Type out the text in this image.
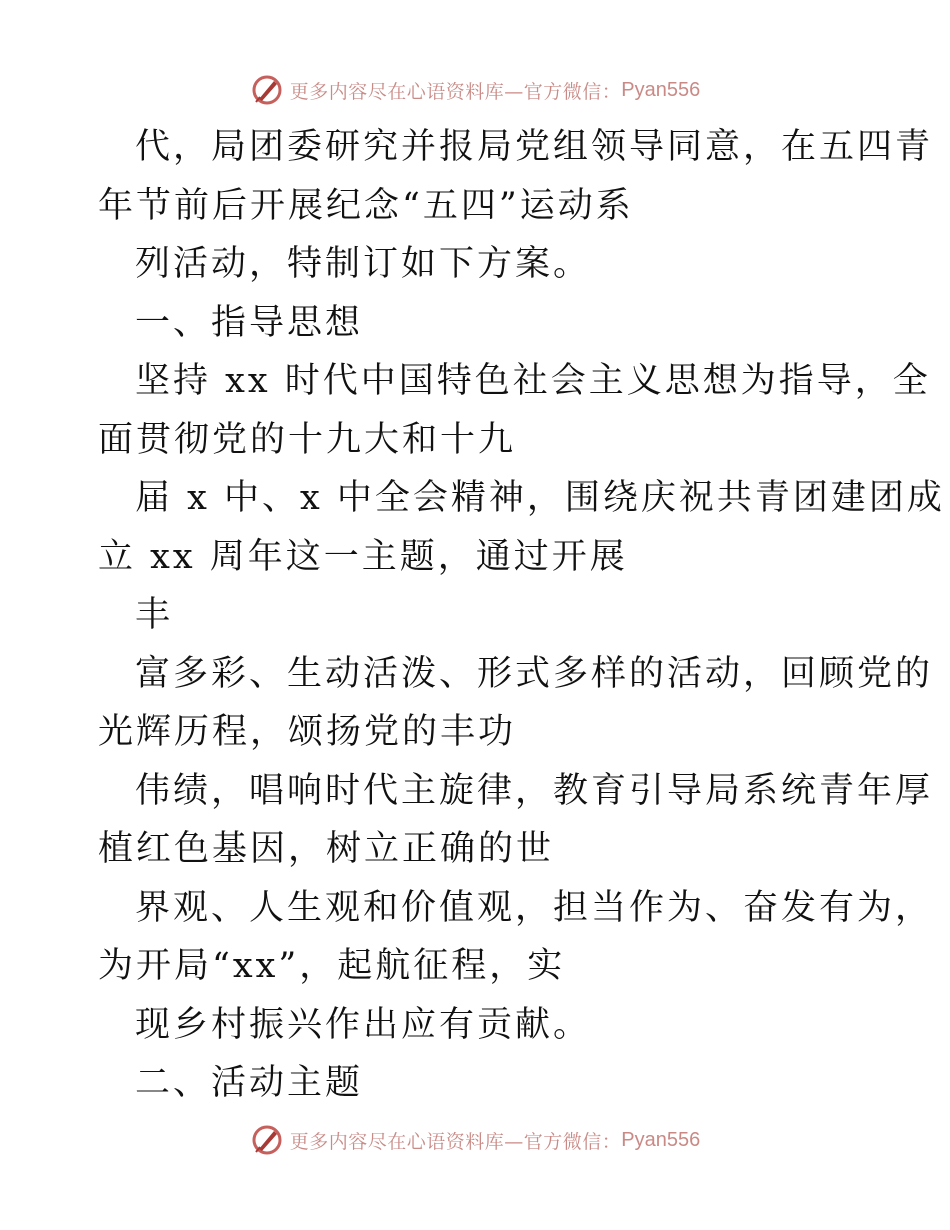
更多内容尽在心语资料库—官方微信： Pyan556
代，局团委研究并报局党组领导同意，在五四青
年节前后开展纪念“五四”运动系
列活动，特制订如下方案。
一、指导思想
坚持 xx 时代中国特色社会主义思想为指导，全
面贯彻党的十九大和十九
届 x 中、x 中全会精神，围绕庆祝共青团建团成
立 xx 周年这一主题，通过开展
丰
富多彩、生动活泼、形式多样的活动，回顾党的
光辉历程，颂扬党的丰功
伟绩，唱响时代主旋律，教育引导局系统青年厚
植红色基因，树立正确的世
界观、人生观和价值观，担当作为、奋发有为，
为开局“xx”，起航征程，实
现乡村振兴作出应有贡献。
二、活动主题
更多内容尽在心语资料库—官方微信： Pyan556
